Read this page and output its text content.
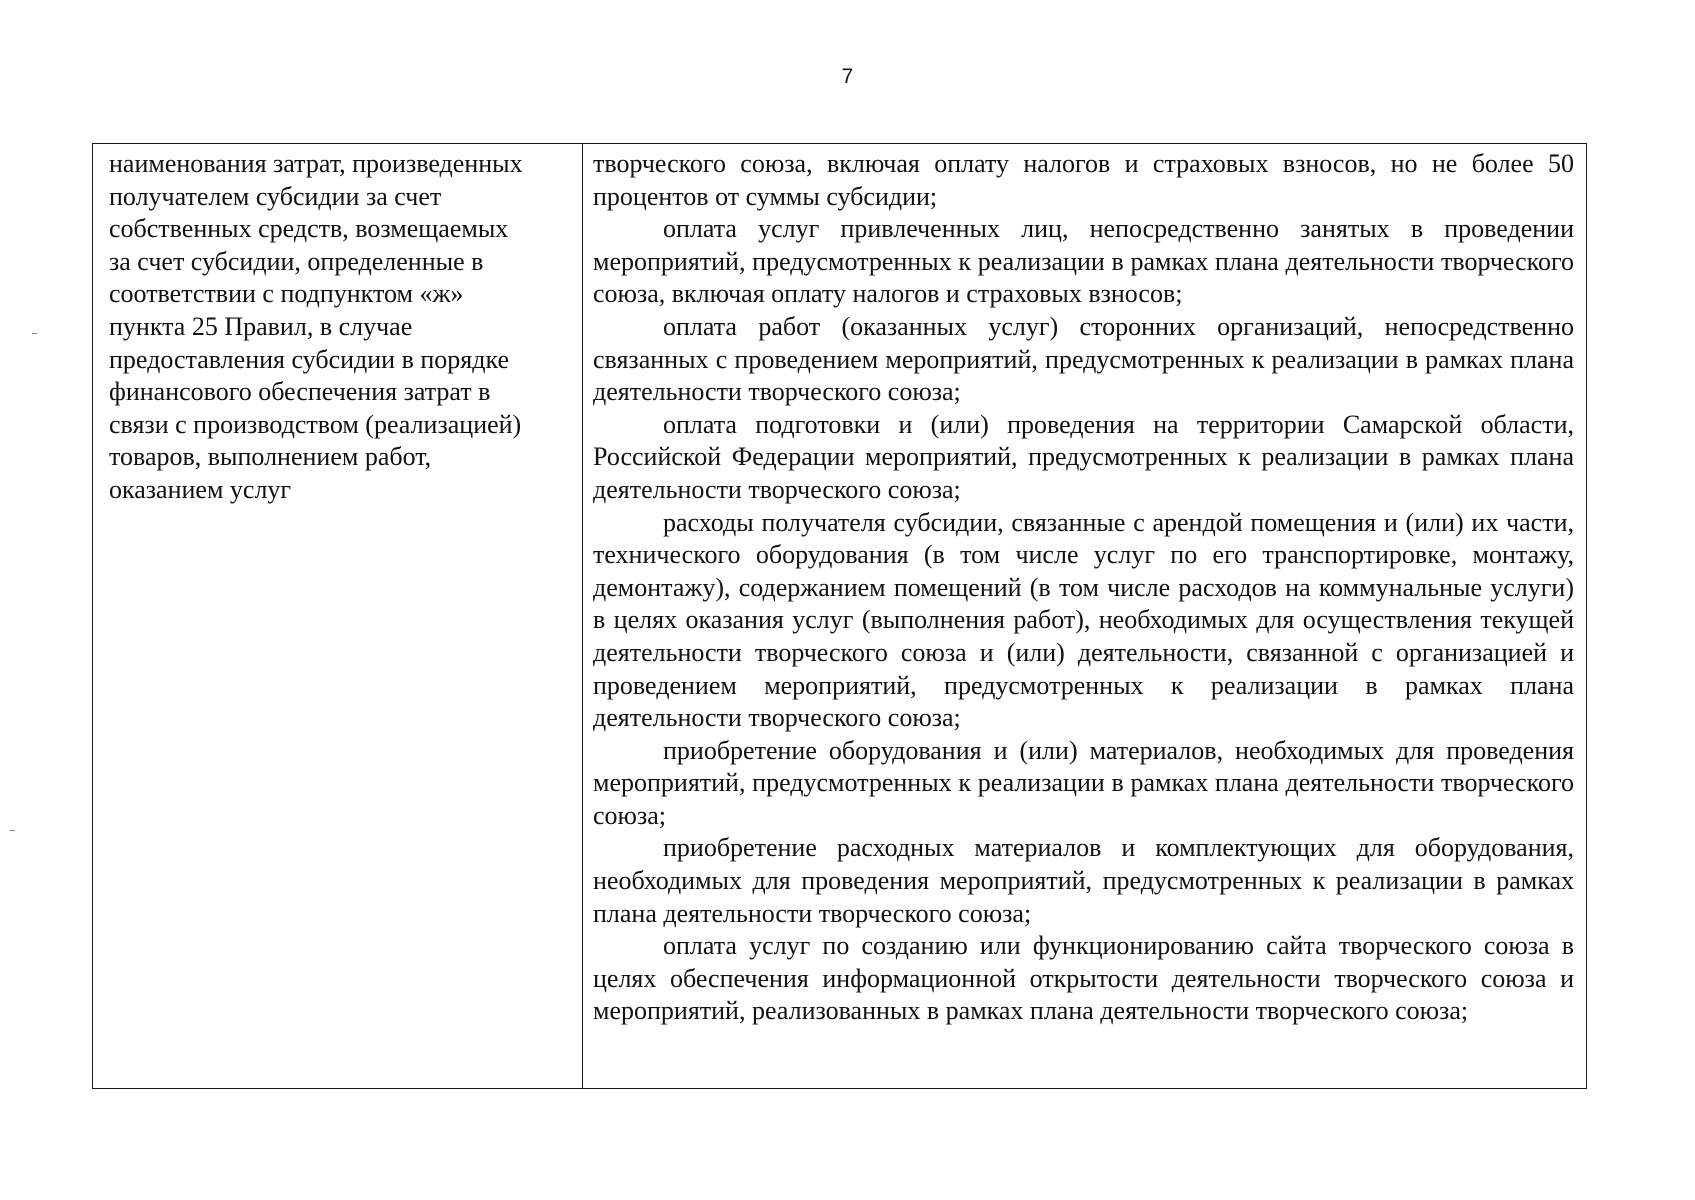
7
наименования затрат, произведенных
получателем субсидии за счет
собственных средств, возмещаемых
за счет субсидии, определенные в
соответствии с подпунктом «ж»
пункта 25 Правил, в случае
предоставления субсидии в порядке
финансового обеспечения затрат в
связи с производством (реализацией)
товаров, выполнением работ,
оказанием услуг

творческого союза, включая оплату налогов и страховых взносов, но не более 50 процентов от суммы субсидии;

оплата услуг привлеченных лиц, непосредственно занятых в проведении мероприятий, предусмотренных к реализации в рамках плана деятельности творческого союза, включая оплату налогов и страховых взносов;

оплата работ (оказанных услуг) сторонних организаций, непосредственно связанных с проведением мероприятий, предусмотренных к реализации в рамках плана деятельности творческого союза;

оплата подготовки и (или) проведения на территории Самарской области, Российской Федерации мероприятий, предусмотренных к реализации в рамках плана деятельности творческого союза;

расходы получателя субсидии, связанные с арендой помещения и (или) их части, технического оборудования (в том числе услуг по его транспортировке, монтажу, демонтажу), содержанием помещений (в том числе расходов на коммунальные услуги) в целях оказания услуг (выполнения работ), необходимых для осуществления текущей деятельности творческого союза и (или) деятельности, связанной с организацией и проведением мероприятий, предусмотренных к реализации в рамках плана деятельности творческого союза;

приобретение оборудования и (или) материалов, необходимых для проведения мероприятий, предусмотренных к реализации в рамках плана деятельности творческого союза;

приобретение расходных материалов и комплектующих для оборудования, необходимых для проведения мероприятий, предусмотренных к реализации в рамках плана деятельности творческого союза;

оплата услуг по созданию или функционированию сайта творческого союза в целях обеспечения информационной открытости деятельности творческого союза и мероприятий, реализованных в рамках плана деятельности творческого союза;
